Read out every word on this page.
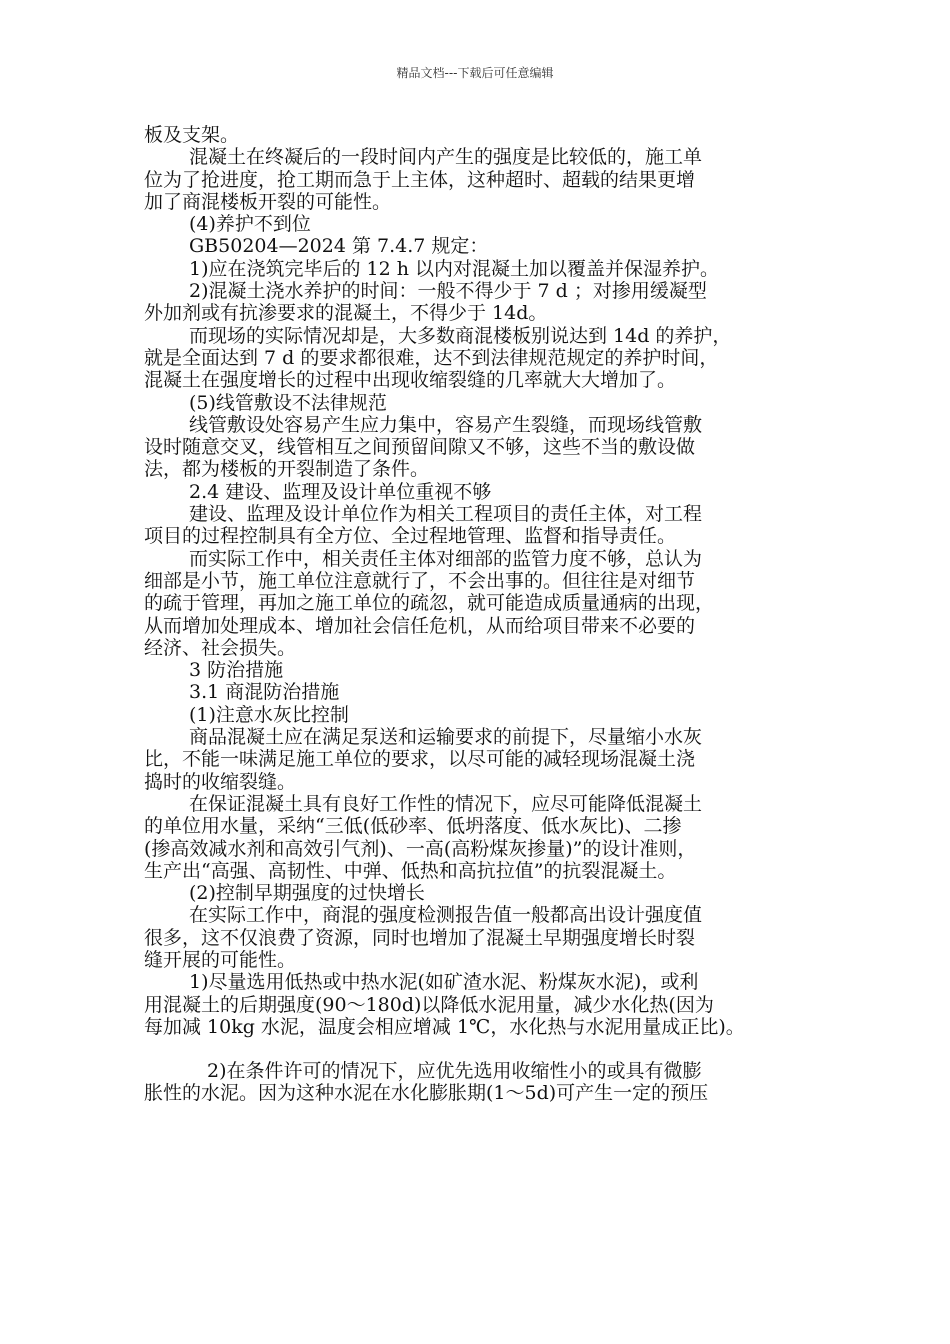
精品文档---下载后可任意编辑
板及支架。
混凝土在终凝后的一段时间内产生的强度是比较低的，施工单
位为了抢进度，抢工期而急于上主体，这种超时、超载的结果更增
加了商混楼板开裂的可能性。
(4)养护不到位
GB50204—2024 第 7.4.7 规定：
1)应在浇筑完毕后的 12 h 以内对混凝土加以覆盖并保湿养护。
2)混凝土浇水养护的时间：一般不得少于 7 d ；对掺用缓凝型
外加剂或有抗渗要求的混凝土，不得少于 14d。
而现场的实际情况却是，大多数商混楼板别说达到 14d 的养护，
就是全面达到 7 d 的要求都很难，达不到法律规范规定的养护时间，
混凝土在强度增长的过程中出现收缩裂缝的几率就大大增加了。
(5)线管敷设不法律规范
线管敷设处容易产生应力集中，容易产生裂缝，而现场线管敷
设时随意交叉，线管相互之间预留间隙又不够，这些不当的敷设做
法，都为楼板的开裂制造了条件。
2.4 建设、监理及设计单位重视不够
建设、监理及设计单位作为相关工程项目的责任主体，对工程
项目的过程控制具有全方位、全过程地管理、监督和指导责任。
而实际工作中，相关责任主体对细部的监管力度不够，总认为
细部是小节，施工单位注意就行了，不会出事的。但往往是对细节
的疏于管理，再加之施工单位的疏忽，就可能造成质量通病的出现，
从而增加处理成本、增加社会信任危机，从而给项目带来不必要的
经济、社会损失。
3 防治措施
3.1 商混防治措施
(1)注意水灰比控制
商品混凝土应在满足泵送和运输要求的前提下，尽量缩小水灰
比，不能一味满足施工单位的要求，以尽可能的减轻现场混凝土浇
捣时的收缩裂缝。
在保证混凝土具有良好工作性的情况下，应尽可能降低混凝土
的单位用水量，采纳“三低(低砂率、低坍落度、低水灰比)、二掺
(掺高效减水剂和高效引气剂)、一高(高粉煤灰掺量)”的设计准则，
生产出“高强、高韧性、中弹、低热和高抗拉值”的抗裂混凝土。
(2)控制早期强度的过快增长
在实际工作中，商混的强度检测报告值一般都高出设计强度值
很多，这不仅浪费了资源，同时也增加了混凝土早期强度增长时裂
缝开展的可能性。
1)尽量选用低热或中热水泥(如矿渣水泥、粉煤灰水泥)，或利
用混凝土的后期强度(90～180d)以降低水泥用量，减少水化热(因为
每加减 10kg 水泥，温度会相应增减 1℃，水化热与水泥用量成正比)。
2)在条件许可的情况下，应优先选用收缩性小的或具有微膨
胀性的水泥。因为这种水泥在水化膨胀期(1～5d)可产生一定的预压
